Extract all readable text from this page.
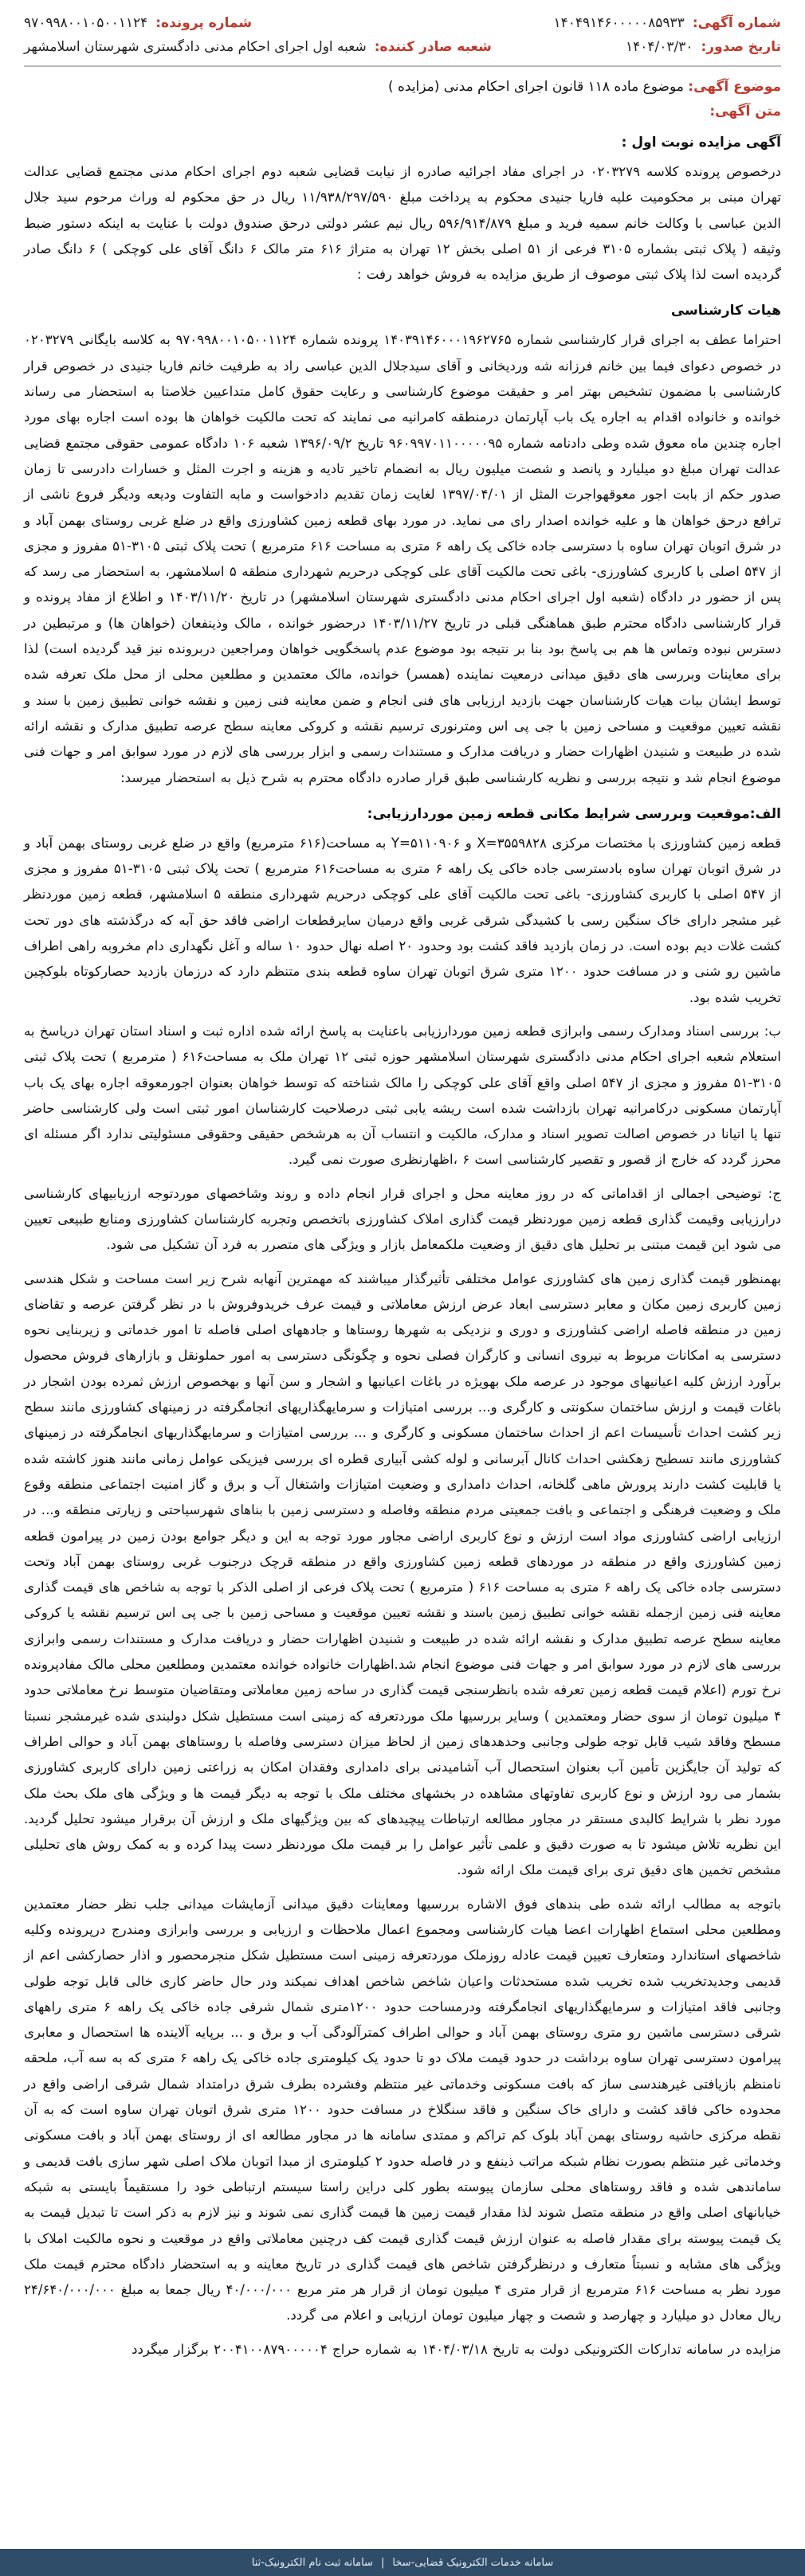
شماره آگهی:
۱۴۰۴۹۱۴۶۰۰۰۰۰۸۵۹۳۳
شماره پرونده:
۹۷۰۹۹۸۰۰۱۰۵۰۰۱۱۲۴
تاریخ صدور:
۱۴۰۴/۰۳/۳۰
شعبه صادر کننده:
شعبه اول اجرای احکام مدنی دادگستری شهرستان اسلامشهر
موضوع آگهی: موضوع ماده ۱۱۸ قانون اجرای احکام مدنی (مزایده )
متن آگهی:
آگهی مزایده نوبت اول :

درخصوص پرونده کلاسه ۰۲۰۳۲۷۹ در اجرای مفاد اجرائیه صادره از نیابت قضایی شعبه دوم اجرای احکام مدنی مجتمع قضایی عدالت تهران مبنی بر محکومیت علیه فاریا جنیدی محکوم به پرداخت مبلغ ۱۱/۹۳۸/۲۹۷/۵۹۰ ریال در حق محکوم له وراث مرحوم سید جلال الدین عباسی با وکالت خانم سمیه فرید و مبلغ ۵۹۶/۹۱۴/۸۷۹ ریال نیم عشر دولتی درحق صندوق دولت با عنایت به اینکه دستور ضبط وثیقه ( پلاک ثبتی بشماره ۳۱۰۵ فرعی از ۵۱ اصلی بخش ۱۲ تهران به متراژ ۶۱۶ متر مالک ۶ دانگ آقای علی کوچکی ) ۶ دانگ صادر گردیده است لذا پلاک ثبتی موصوف از طریق مزایده به فروش خواهد رفت :

هیات کارشناسی

احتراما عطف به اجرای قرار کارشناسی شماره ۱۴۰۳۹۱۴۶۰۰۰۱۹۶۲۷۶۵ پرونده شماره ۹۷۰۹۹۸۰۰۱۰۵۰۰۱۱۲۴ به کلاسه بایگانی ۰۲۰۳۲۷۹ در خصوص دعوای فیما بین خانم فرزانه شه وردیخانی و آقای سیدجلال الدین عباسی راد به طرفیت خانم فاریا جنیدی در خصوص قرار کارشناسی با مضمون تشخیص بهتر امر و حقیقت موضوع کارشناسی و رعایت حقوق کامل متداعیین خلاصتا به استحضار می رساند خوانده و خانواده اقدام به اجاره یک باب آپارتمان درمنطقه کامرانیه می نمایند که تحت مالکیت خواهان ها بوده است اجاره بهای مورد اجاره چندین ماه معوق شده وطی دادنامه شماره ۹۶۰۹۹۷۰۱۱۰۰۰۰۰۹۵ تاریخ ۱۳۹۶/۰۹/۲ شعبه ۱۰۶ دادگاه عمومی حقوقی مجتمع قضایی عدالت تهران مبلغ دو میلیارد و پانصد و شصت میلیون ریال به انضمام تاخیر تادیه و هزینه و اجرت المثل و خسارات دادرسی تا زمان صدور حکم از بابت اجور معوقهواجرت المثل از ۱۳۹۷/۰۴/۰۱ لغایت زمان تقدیم دادخواست و مابه التفاوت ودیعه ودیگر فروع ناشی از ترافع درحق خواهان ها و علیه خوانده اصدار رای می نماید. در مورد بهای قطعه زمین کشاورزی واقع در ضلع غربی روستای بهمن آباد و در شرق اتوبان تهران ساوه با دسترسی جاده خاکی یک راهه ۶ متری به مساحت ۶۱۶ مترمربع ) تحت پلاک ثبتی ۳۱۰۵-۵۱ مفروز و مجزی از ۵۴۷ اصلی با کاربری کشاورزی- باغی تحت مالکیت آقای علی کوچکی درحریم شهرداری منطقه ۵ اسلامشهر، به استحضار می رسد که پس از حضور در دادگاه (شعبه اول اجرای احکام مدنی دادگستری شهرستان اسلامشهر) در تاریخ ۱۴۰۳/۱۱/۲۰ و اطلاع از مفاد پرونده و قرار کارشناسی دادگاه محترم طبق هماهنگی قبلی در تاریخ ۱۴۰۳/۱۱/۲۷ درحضور خوانده ، مالک وذینفعان (خواهان ها) و مرتبطین در دسترس نبوده وتماس ها هم بی پاسخ بود بنا بر نتیجه بود موضوع عدم پاسخگویی خواهان ومراجعین دربرونده نیز قید گردیده است) لذا برای معاینات وبررسی های دقیق میدانی درمعیت نماینده (همسر) خوانده، مالک معتمدین و مطلعین محلی از محل ملک تعرفه شده توسط ایشان بیات هیات کارشناسان جهت بازدید ارزیابی های فنی انجام و ضمن معاینه فنی زمین و نقشه خوانی تطبیق زمین با سند و نقشه تعیین موقعیت و مساحی زمین با جی پی اس ومترنوری ترسیم نقشه و کروکی معاینه سطح عرصه تطبیق مدارک و نقشه ارائه شده در طبیعت و شنیدن اظهارات حضار و دریافت مدارک و مستندات رسمی و ابزار بررسی های لازم در مورد سوابق امر و جهات فنی موضوع انجام شد و نتیجه بررسی و نظریه کارشناسی طبق قرار صادره دادگاه محترم به شرح ذیل به استحضار میرسد:

الف:موقعیت وبررسی شرایط مکانی قطعه زمین موردارزیابی:

قطعه زمین کشاورزی با مختصات مرکزی X=۳۵۵۹۸۲۸ و Y=۵۱۱۰۹۰۶ به مساحت(۶۱۶ مترمربع) واقع در ضلع غربی روستای بهمن آباد و در شرق اتوبان تهران ساوه بادسترسی جاده خاکی یک راهه ۶ متری به مساحت۶۱۶ مترمربع ) تحت پلاک ثبتی ۳۱۰۵-۵۱ مفروز و مجزی از ۵۴۷ اصلی با کاربری کشاورزی- باغی تحت مالکیت آقای علی کوچکی درحریم شهرداری منطقه ۵ اسلامشهر، قطعه زمین موردنظر غیر مشجر دارای خاک سنگین رسی با کشیدگی شرقی غربی واقع درمیان سایرقطعات اراضی فاقد حق آبه که درگذشته های دور تحت کشت غلات دیم بوده است. در زمان بازدید فاقد کشت بود وحدود ۲۰ اصله نهال حدود ۱۰ ساله و آغل نگهداری دام مخروبه راهی اطراف ماشین رو شنی و در مسافت حدود ۱۲۰۰ متری شرق اتوبان تهران ساوه قطعه بندی متنظم دارد که درزمان بازدید حصارکوتاه بلوکچین تخریب شده بود.

ب: بررسی اسناد ومدارک رسمی وابرازی قطعه زمین موردارزیابی باعنایت به پاسخ ارائه شده اداره ثبت و اسناد استان تهران دریاسخ به استعلام شعبه اجرای احکام مدنی دادگستری شهرستان اسلامشهر حوزه ثبتی ۱۲ تهران ملک به مساحت۶۱۶ ( مترمربع ) تحت پلاک ثبتی ۳۱۰۵-۵۱ مفروز و مجزی از ۵۴۷ اصلی واقع آقای علی کوچکی را مالک شناخته که توسط خواهان بعنوان اجورمعوقه اجاره بهای یک باب آپارتمان مسکونی درکامرانیه تهران بازداشت شده است ریشه یابی ثبتی درصلاحیت کارشناسان امور ثبتی است ولی کارشناسی حاضر تنها یا اتیانا در خصوص اصالت تصویر اسناد و مدارک، مالکیت و انتساب آن به هرشخص حقیقی وحقوقی مسئولیتی ندارد اگر مسئله ای محرز گردد که خارج از قصور و تقصیر کارشناسی است ۶ ،اظهارنظری صورت نمی گیرد.

ج: توضیحی اجمالی از اقداماتی که در روز معاینه محل و اجرای قرار انجام داده و روند وشاخصهای موردتوجه ارزیابیهای کارشناسی درارزیابی وقیمت گذاری قطعه زمین موردنظر قیمت گذاری املاک کشاورزی باتخصص وتجربه کارشناسان کشاورزی ومنابع طبیعی تعیین می شود این قیمت مبتنی بر تحلیل های دقیق از وضعیت ملکمعامل بازار و ویژگی های متصرر به فرد آن تشکیل می شود.

بهمنظور قیمت گذاری زمین های کشاورزی عوامل مختلفی تأثیرگذار میباشند که مهمترین آنهابه شرح زیر است مساحت و شکل هندسی زمین کاربری زمین مکان و معابر دسترسی ابعاد عرض ارزش معاملاتی و قیمت عرف خریدوفروش با در نظر گرفتن عرصه و تقاضای زمین در منطقه فاصله اراضی کشاورزی و دوری و نزدیکی به شهرها روستاها و جادههای اصلی فاصله تا امور خدماتی و زیربنایی نحوه دسترسی به امکانات مربوط به نیروی انسانی و کارگران فصلی نحوه و چگونگی دسترسی به امور حملونقل و بازارهای فروش محصول برآورد ارزش کلیه اعیانیهای موجود در عرصه ملک بهویژه در باغات اعیانیها و اشجار و سن آنها و بهخصوص ارزش ثمرده بودن اشجار در باغات قیمت و ارزش ساختمان سکونتی و کارگری و... بررسی امتیازات و سرمایهگذاریهای انجامگرفته در زمینهای کشاورزی مانند سطح زیر کشت احداث تأسیسات اعم از احداث ساختمان مسکونی و کارگری و ... بررسی امتیازات و سرمایهگذاریهای انجامگرفته در زمینهای کشاورزی مانند تسطیح زهکشی احداث کانال آبرسانی و لوله کشی آبیاری قطره ای بررسی فیزیکی عوامل زمانی مانند هنوز کاشته شده یا قابلیت کشت دارند پرورش ماهی گلخانه، احداث دامداری و وضعیت امتیازات واشتغال آب و برق و گاز امنیت اجتماعی منطقه وقوع ملک و وضعیت فرهنگی و اجتماعی و بافت جمعیتی مردم منطقه وفاصله و دسترسی زمین با بناهای شهرسیاحتی و زیارتی منطقه و... در ارزیابی اراضی کشاورزی مواد است ارزش و نوع کاربری اراضی مجاور مورد توجه به این و دیگر جوامع بودن زمین در پیرامون قطعه زمین کشاورزی واقع در منطقه در موردهای قطعه زمین کشاورزی واقع در منطقه قرچک درجنوب غربی روستای بهمن آباد وتحت دسترسی جاده خاکی یک راهه ۶ متری به مساحت ۶۱۶ ( مترمربع ) تحت پلاک فرعی از اصلی الذکر با توجه به شاخص های قیمت گذاری معاینه فنی زمین ازجمله نقشه خوانی تطبیق زمین باسند و نقشه تعیین موقعیت و مساحی زمین با جی پی اس ترسیم نقشه یا کروکی معاینه سطح عرصه تطبیق مدارک و نقشه ارائه شده در طبیعت و شنیدن اظهارات حضار و دریافت مدارک و مستندات رسمی وابرازی بررسی های لازم در مورد سوابق امر و جهات فنی موضوع انجام شد.اظهارات خانواده خوانده معتمدین ومطلعین محلی مالک مفادپرونده نرخ تورم (اعلام قیمت قطعه زمین تعرفه شده بانظرسنجی قیمت گذاری در ساحه زمین معاملاتی ومتقاضیان متوسط نرخ معاملاتی حدود ۴ میلیون تومان از سوی حضار ومعتمدین ) وسایر بررسیها ملک موردتعرفه که زمینی است مستطیل شکل دولبندی شده غیرمشجر نسبتا مسطح وفاقد شیب قابل توجه طولی وجانبی وحدهدهای زمین از لحاظ میزان دسترسی وفاصله با روستاهای بهمن آباد و حوالی اطراف که تولید آن جایگزین تأمین آب بعنوان استحصال آب آشامیدنی برای دامداری وفقدان امکان به زراعتی زمین دارای کاربری کشاورزی بشمار می رود ارزش و نوع کاربری تفاوتهای مشاهده در بخشهای مختلف ملک با توجه به دیگر قیمت ها و ویژگی های ملک بحث ملک مورد نظر با شرایط کالبدی مستقر در مجاور مطالعه ارتباطات پیچیدهای که بین ویژگیهای ملک و ارزش آن برقرار میشود تحلیل گردید. این نظریه تلاش میشود تا به صورت دقیق و علمی تأثیر عوامل را بر قیمت ملک موردنظر دست پیدا کرده و به کمک روش های تحلیلی مشخص تخمین های دقیق تری برای قیمت ملک ارائه شود.

باتوجه به مطالب ارائه شده طی بندهای فوق الاشاره بررسیها ومعاینات دقیق میدانی آزمایشات میدانی جلب نظر حضار معتمدین ومطلعین محلی استماع اظهارات اعضا هیات کارشناسی ومجموع اعمال ملاحظات و ارزیابی و بررسی وابرازی ومندرج درپرونده وکلیه شاخصهای استاندارد ومتعارف تعیین قیمت عادله روزملک موردتعرفه زمینی است مستطیل شکل منجرمحصور و اذار حصارکشی اعم از قدیمی وجدیدتخریب شده تخریب شده مستحدثات واعیان شاخص شاخص اهداف نمیکند ودر حال حاضر کاری خالی قابل توجه طولی وجانبی فاقد امتیازات و سرمایهگذاریهای انجامگرفته ودرمساحت حدود ۱۲۰۰متری شمال شرقی جاده خاکی یک راهه ۶ متری راههای شرقی دسترسی ماشین رو متری روستای بهمن آباد و حوالی اطراف کمترآلودگی آب و برق و ... برپایه آلاینده ها استحصال و معابری پیرامون دسترسی تهران ساوه برداشت در حدود قیمت ملاک دو تا حدود یک کیلومتری جاده خاکی یک راهه ۶ متری که به سه آب، ملحقه نامنظم بازیافتی غیرهندسی ساز که بافت مسکونی وخدماتی غیر منتظم وفشرده بطرف شرق درامتداد شمال شرقی اراضی واقع در محدوده خاکی فاقد کشت و دارای خاک سنگین و فاقد سنگلاخ در مسافت حدود ۱۲۰۰ متری شرق اتوبان تهران ساوه است که به آن نقطه مرکزی حاشیه روستای بهمن آباد بلوک کم تراکم و ممتدی سامانه ها در مجاور مطالعه ای از روستای بهمن آباد و بافت مسکونی وخدماتی غیر منتظم بصورت نظام شبکه مراتب ذینفع و در فاصله حدود ۲ کیلومتری از مبدا اتوبان ملاک اصلی شهر سازی بافت قدیمی و ساماندهی شده و فاقد روستاهای محلی سازمان پیوسته بطور کلی دراین راستا سیستم ارتباطی خود را مستقیماً بایستی به شبکه خیابانهای اصلی واقع در منطقه متصل شوند لذا مقدار قیمت زمین ها قیمت گذاری نمی شوند و نیز لازم به ذکر است تا تبدیل قیمت به یک قیمت پیوسته برای مقدار فاصله به عنوان ارزش قیمت گذاری قیمت کف درچنین معاملاتی واقع در موقعیت و نحوه مالکیت املاک با ویژگی های مشابه و نسبتاً متعارف و درنظرگرفتن شاخص های قیمت گذاری در تاریخ معاینه و به استحضار دادگاه محترم قیمت ملک مورد نظر به مساحت ۶۱۶ مترمربع از قرار متری ۴ میلیون تومان از قرار هر متر مربع ۴۰/۰۰۰/۰۰۰ ریال جمعا به مبلغ ۲۴/۶۴۰/۰۰۰/۰۰۰ ریال معادل دو میلیارد و چهارصد و شصت و چهار میلیون تومان ارزیابی و اعلام می گردد.

مزایده در سامانه تدارکات الکترونیکی دولت به تاریخ ۱۴۰۴/۰۳/۱۸ به شماره حراج ۲۰۰۴۱۰۰۸۷۹۰۰۰۰۰۴ برگزار میگردد

سامانه خدمات الکترونیک قضایی-سخا
|
سامانه ثبت نام الکترونیک-ثنا
